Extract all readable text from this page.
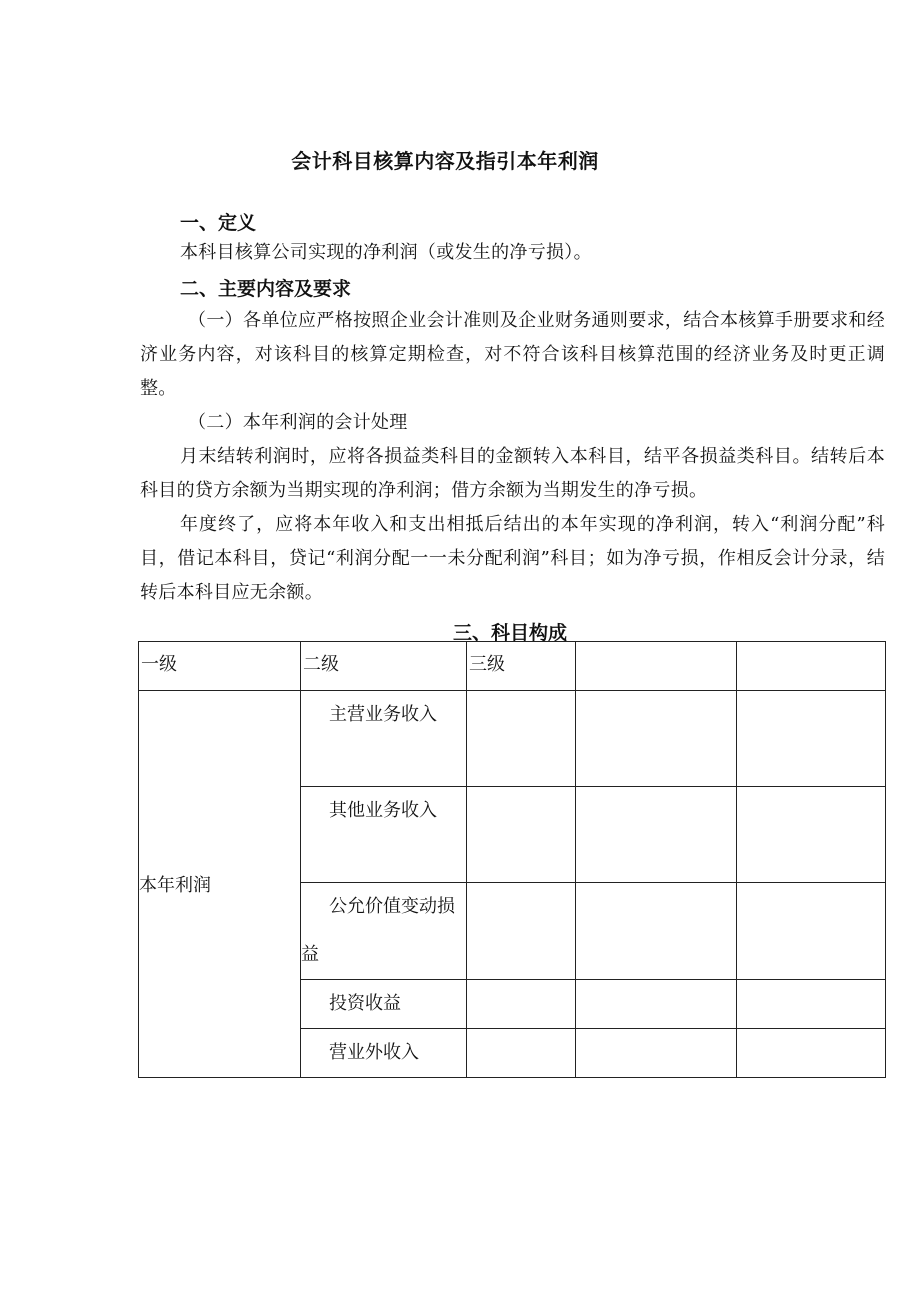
会计科目核算内容及指引本年利润
一、定义
本科目核算公司实现的净利润（或发生的净亏损）。
二、主要内容及要求
（一）各单位应严格按照企业会计准则及企业财务通则要求，结合本核算手册要求和经济业务内容，对该科目的核算定期检查，对不符合该科目核算范围的经济业务及时更正调整。
（二）本年利润的会计处理
月末结转利润时，应将各损益类科目的金额转入本科目，结平各损益类科目。结转后本科目的贷方余额为当期实现的净利润；借方余额为当期发生的净亏损。
年度终了，应将本年收入和支出相抵后结出的本年实现的净利润，转入“利润分配”科目，借记本科目，贷记“利润分配一一未分配利润”科目；如为净亏损，作相反会计分录，结转后本科目应无余额。
三、科目构成
一级	二级	三级		

本年利润	主营业务收入			
	其他业务收入			
	公允价值变动损益			
	投资收益			
	营业外收入			
